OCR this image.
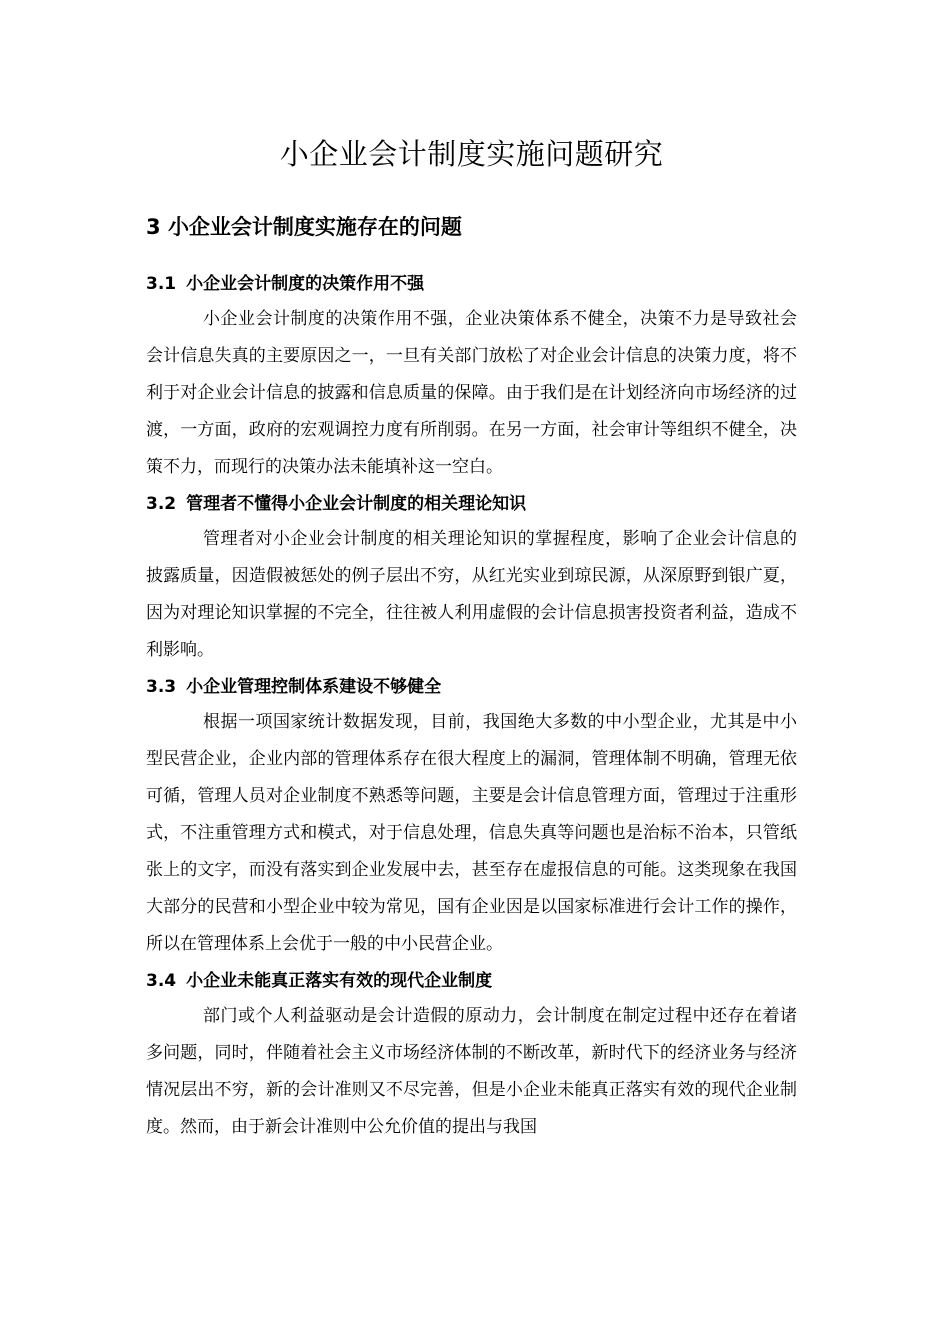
小企业会计制度实施问题研究
3 小企业会计制度实施存在的问题
3.1 小企业会计制度的决策作用不强

小企业会计制度的决策作用不强，企业决策体系不健全，决策不力是导致社会会计信息失真的主要原因之一，一旦有关部门放松了对企业会计信息的决策力度，将不利于对企业会计信息的披露和信息质量的保障。由于我们是在计划经济向市场经济的过渡，一方面，政府的宏观调控力度有所削弱。在另一方面，社会审计等组织不健全，决策不力，而现行的决策办法未能填补这一空白。

3.2 管理者不懂得小企业会计制度的相关理论知识

管理者对小企业会计制度的相关理论知识的掌握程度，影响了企业会计信息的披露质量，因造假被惩处的例子层出不穷，从红光实业到琼民源，从深原野到银广夏，因为对理论知识掌握的不完全，往往被人利用虚假的会计信息损害投资者利益，造成不利影响。

3.3 小企业管理控制体系建设不够健全

根据一项国家统计数据发现，目前，我国绝大多数的中小型企业，尤其是中小型民营企业，企业内部的管理体系存在很大程度上的漏洞，管理体制不明确，管理无依可循，管理人员对企业制度不熟悉等问题，主要是会计信息管理方面，管理过于注重形式，不注重管理方式和模式，对于信息处理，信息失真等问题也是治标不治本，只管纸张上的文字，而没有落实到企业发展中去，甚至存在虚报信息的可能。这类现象在我国大部分的民营和小型企业中较为常见，国有企业因是以国家标准进行会计工作的操作，所以在管理体系上会优于一般的中小民营企业。

3.4 小企业未能真正落实有效的现代企业制度

部门或个人利益驱动是会计造假的原动力，会计制度在制定过程中还存在着诸多问题，同时，伴随着社会主义市场经济体制的不断改革，新时代下的经济业务与经济情况层出不穷，新的会计准则又不尽完善，但是小企业未能真正落实有效的现代企业制度。然而，由于新会计准则中公允价值的提出与我国
